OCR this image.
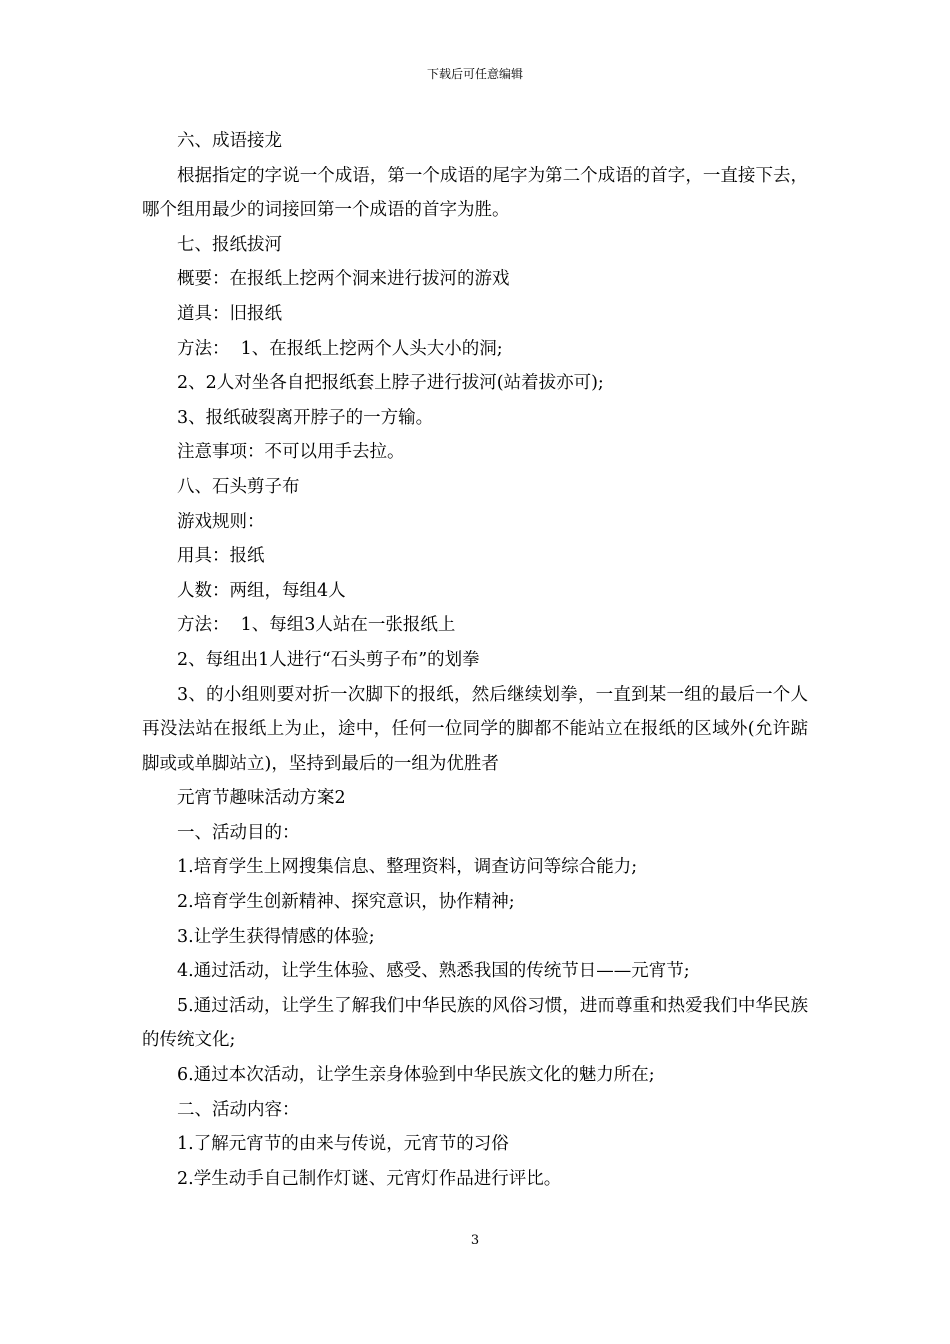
下载后可任意编辑

六、成语接龙

根据指定的字说一个成语，第一个成语的尾字为第二个成语的首字，一直接下去，哪个组用最少的词接回第一个成语的首字为胜。

七、报纸拔河

概要：在报纸上挖两个洞来进行拔河的游戏

道具：旧报纸

方法：  1、在报纸上挖两个人头大小的洞;

2、2人对坐各自把报纸套上脖子进行拔河(站着拔亦可);

3、报纸破裂离开脖子的一方输。

注意事项：不可以用手去拉。

八、石头剪子布

游戏规则：

用具：报纸

人数：两组，每组4人

方法：  1、每组3人站在一张报纸上

2、每组出1人进行“石头剪子布”的划拳

3、的小组则要对折一次脚下的报纸，然后继续划拳，一直到某一组的最后一个人再没法站在报纸上为止，途中，任何一位同学的脚都不能站立在报纸的区域外(允许踮脚或或单脚站立)，坚持到最后的一组为优胜者

元宵节趣味活动方案2

一、活动目的：

1.培育学生上网搜集信息、整理资料，调查访问等综合能力;

2.培育学生创新精神、探究意识，协作精神;

3.让学生获得情感的体验;

4.通过活动，让学生体验、感受、熟悉我国的传统节日——元宵节;

5.通过活动，让学生了解我们中华民族的风俗习惯，进而尊重和热爱我们中华民族的传统文化;

6.通过本次活动，让学生亲身体验到中华民族文化的魅力所在;

二、活动内容：

1.了解元宵节的由来与传说，元宵节的习俗

2.学生动手自己制作灯谜、元宵灯作品进行评比。

3
